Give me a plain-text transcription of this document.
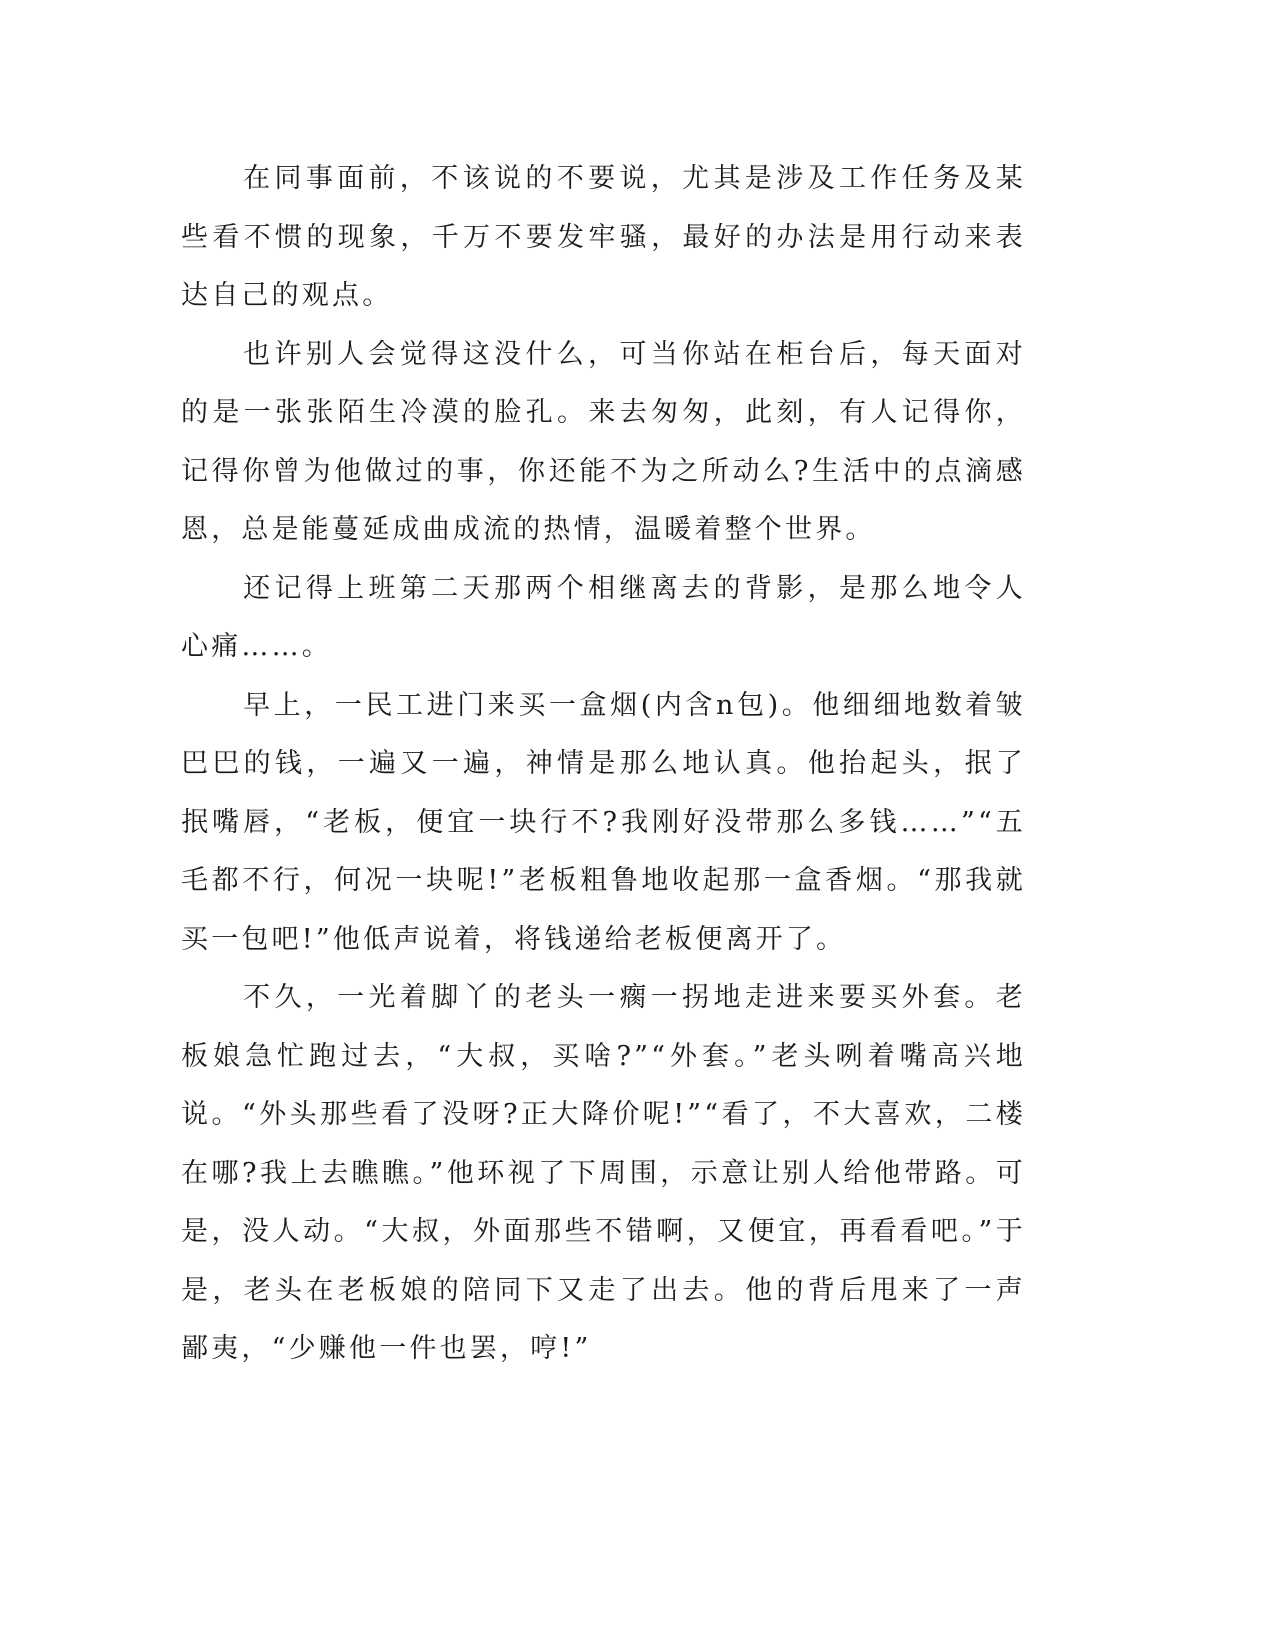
在同事面前，不该说的不要说，尤其是涉及工作任务及某些看不惯的现象，千万不要发牢骚，最好的办法是用行动来表达自己的观点。

也许别人会觉得这没什么，可当你站在柜台后，每天面对的是一张张陌生冷漠的脸孔。来去匆匆，此刻，有人记得你，记得你曾为他做过的事，你还能不为之所动么?生活中的点滴感恩，总是能蔓延成曲成流的热情，温暖着整个世界。

还记得上班第二天那两个相继离去的背影，是那么地令人心痛……。

早上，一民工进门来买一盒烟(内含n包)。他细细地数着皱巴巴的钱，一遍又一遍，神情是那么地认真。他抬起头，抿了抿嘴唇，“老板，便宜一块行不?我刚好没带那么多钱……”“五毛都不行，何况一块呢!”老板粗鲁地收起那一盒香烟。“那我就买一包吧!”他低声说着，将钱递给老板便离开了。

不久，一光着脚丫的老头一瘸一拐地走进来要买外套。老板娘急忙跑过去，“大叔，买啥?”“外套。”老头咧着嘴高兴地说。“外头那些看了没呀?正大降价呢!”“看了，不大喜欢，二楼在哪?我上去瞧瞧。”他环视了下周围，示意让别人给他带路。可是，没人动。“大叔，外面那些不错啊，又便宜，再看看吧。”于是，老头在老板娘的陪同下又走了出去。他的背后甩来了一声鄙夷，“少赚他一件也罢，哼!”
